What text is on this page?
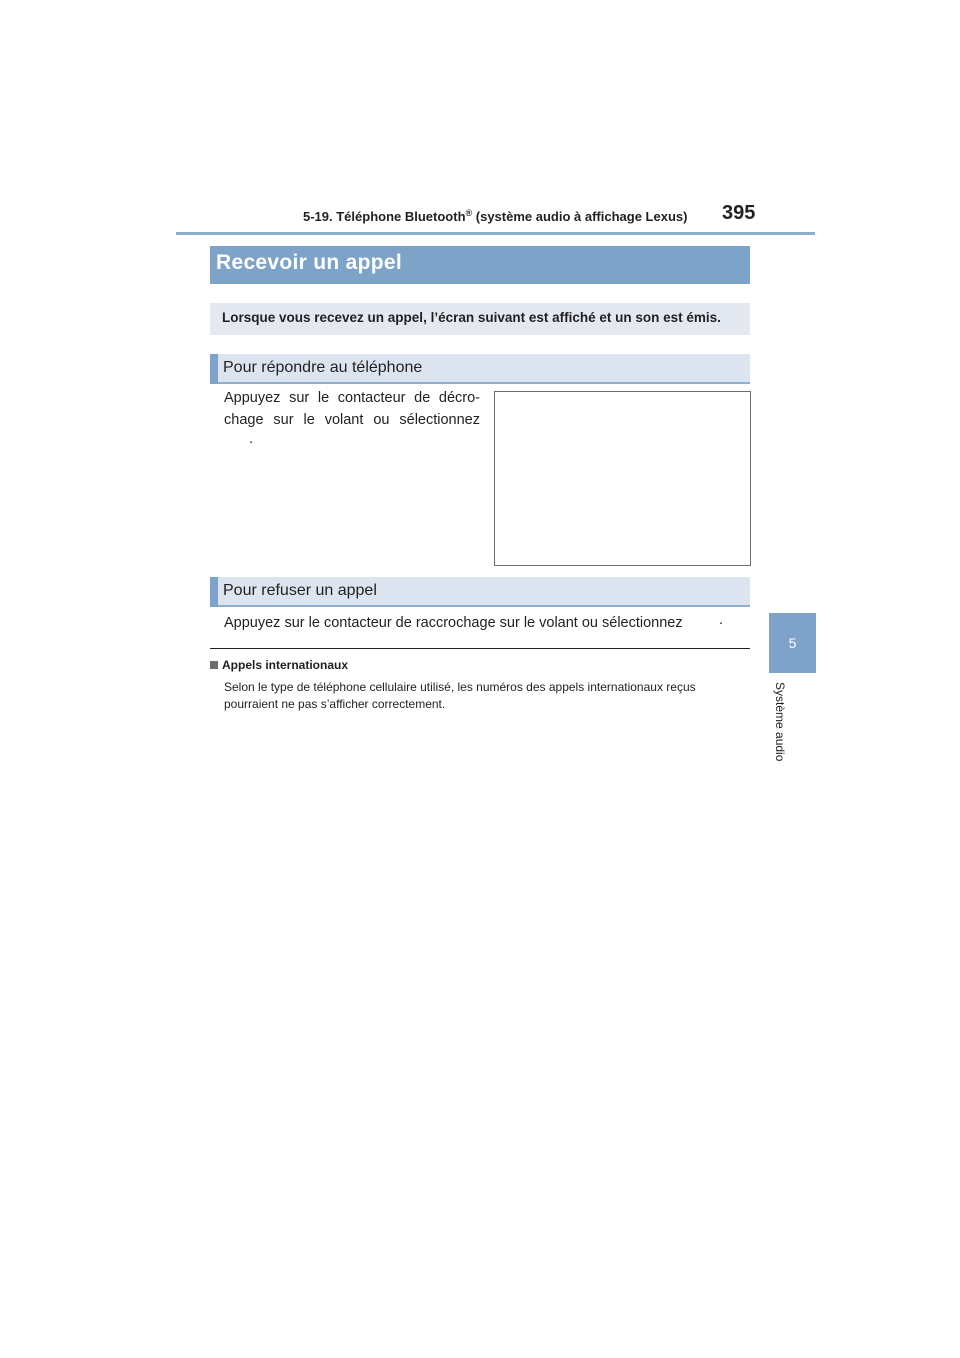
5-19. Téléphone Bluetooth® (système audio à affichage Lexus) 395
5
Système audio
Recevoir un appel
Lorsque vous recevez un appel, l’écran suivant est affiché et un son est émis.
Pour répondre au téléphone
Appuyez sur le contacteur de décro-chage sur le volant ou sélectionnez
.
Pour refuser un appel
Appuyez sur le contacteur de raccrochage sur le volant ou sélectionnez	.
Appels internationaux
Selon le type de téléphone cellulaire utilisé, les numéros des appels internationaux reçus pourraient ne pas s’afficher correctement.
